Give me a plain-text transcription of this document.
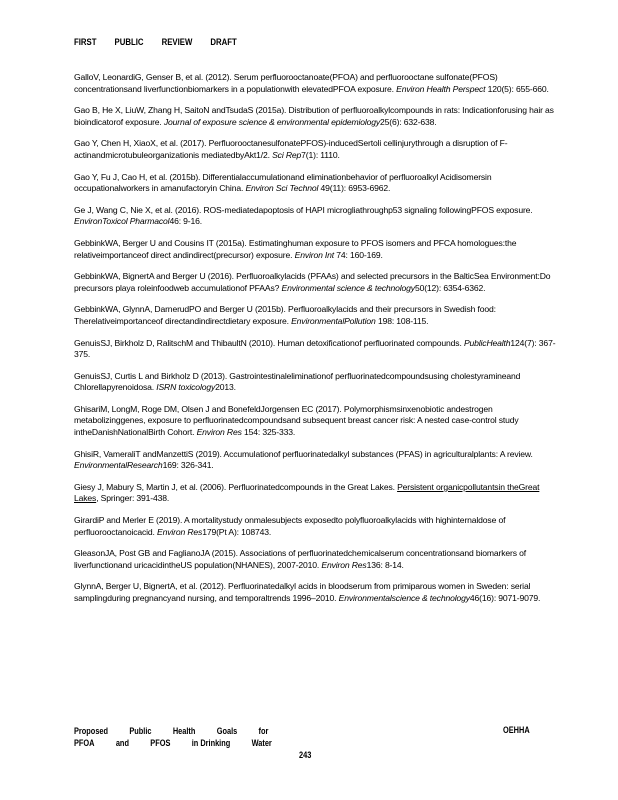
FIRST PUBLIC REVIEW DRAFT

GalloV, LeonardiG, Genser B, et al. (2012). Serum perfluorooctanoate(PFOA) and perfluorooctane sulfonate(PFOS) concentrationsand liverfunctionbiomarkers in a populationwith elevatedPFOA exposure. Environ Health Perspect 120(5): 655-660.

Gao B, He X, LiuW, Zhang H, SaitoN andTsudaS (2015a). Distribution of perfluoroalkylcompounds in rats: Indicationforusing hair as bioindicatorof exposure. Journal of exposure science & environmental epidemiology25(6): 632-638.

Gao Y, Chen H, XiaoX, et al. (2017). PerfluorooctanesulfonatePFOS)-inducedSertoli cellinjurythrough a disruption of F-actinandmicrotubuleorganizationis mediatedbyAkt1/2. Sci Rep7(1): 1110.

Gao Y, Fu J, Cao H, et al. (2015b). Differentialaccumulationand eliminationbehavior of perfluoroalkyl Acidisomersin occupationalworkers in amanufactoryin China. Environ Sci Technol 49(11): 6953-6962.

Ge J, Wang C, Nie X, et al. (2016). ROS-mediatedapoptosis of HAPI microgliathroughp53 signaling followingPFOS exposure. EnvironToxicol Pharmacol46: 9-16.

GebbinkWA, Berger U and Cousins IT (2015a). Estimatinghuman exposure to PFOS isomers and PFCA homologues:the relativeimportanceof direct andindirect(precursor) exposure. Environ Int 74: 160-169.

GebbinkWA, BignertA and Berger U (2016). Perfluoroalkylacids (PFAAs) and selected precursors in the BalticSea Environment:Do precursors playa roleinfoodweb accumulationof PFAAs? Environmental science & technology50(12): 6354-6362.

GebbinkWA, GlynnA, DarnerudPO and Berger U (2015b). Perfluoroalkylacids and their precursors in Swedish food: Therelativeimportanceof directandindirectdietary exposure. EnvironmentalPollution 198: 108-115.

GenuisSJ, Birkholz D, RalitschM and ThibaultN (2010). Human detoxificationof perfluorinated compounds. PublicHealth124(7): 367-375.

GenuisSJ, Curtis L and Birkholz D (2013). Gastrointestinaleliminationof perfluorinatedcompoundsusing cholestyramineand Chlorellapyrenoidosa. ISRN toxicology2013.

GhisariM, LongM, Roge DM, Olsen J and BonefeldJorgensen EC (2017). Polymorphismsinxenobiotic andestrogen metabolizinggenes, exposure to perfluorinatedcompoundsand subsequent breast cancer risk: A nested case-control study intheDanishNationalBirth Cohort. Environ Res 154: 325-333.

GhisiR, VameraliT andManzettiS (2019). Accumulationof perfluorinatedalkyl substances (PFAS) in agriculturalplants: A review. EnvironmentalResearch169: 326-341.

Giesy J, Mabury S, Martin J, et al. (2006). Perfluorinatedcompounds in the Great Lakes. Persistent organicpollutantsin theGreat Lakes, Springer: 391-438.

GirardiP and Merler E (2019). A mortalitystudy onmalesubjects exposedto polyfluoroalkylacids with highinternaldose of perfluorooctanoicacid. Environ Res179(Pt A): 108743.

GleasonJA, Post GB and FaglianoJA (2015). Associations of perfluorinatedchemicalserum concentrationsand biomarkers of liverfunctionand uricacidintheUS population(NHANES), 2007-2010. Environ Res136: 8-14.

GlynnA, Berger U, BignertA, et al. (2012). Perfluorinatedalkyl acids in bloodserum from primiparous women in Sweden: serial samplingduring pregnancyand nursing, and temporaltrends 1996–2010. Environmentalscience & technology46(16): 9071-9079.

Proposed Public Health Goals for
PFOA and PFOS in Drinking Water
OEHHA
243
